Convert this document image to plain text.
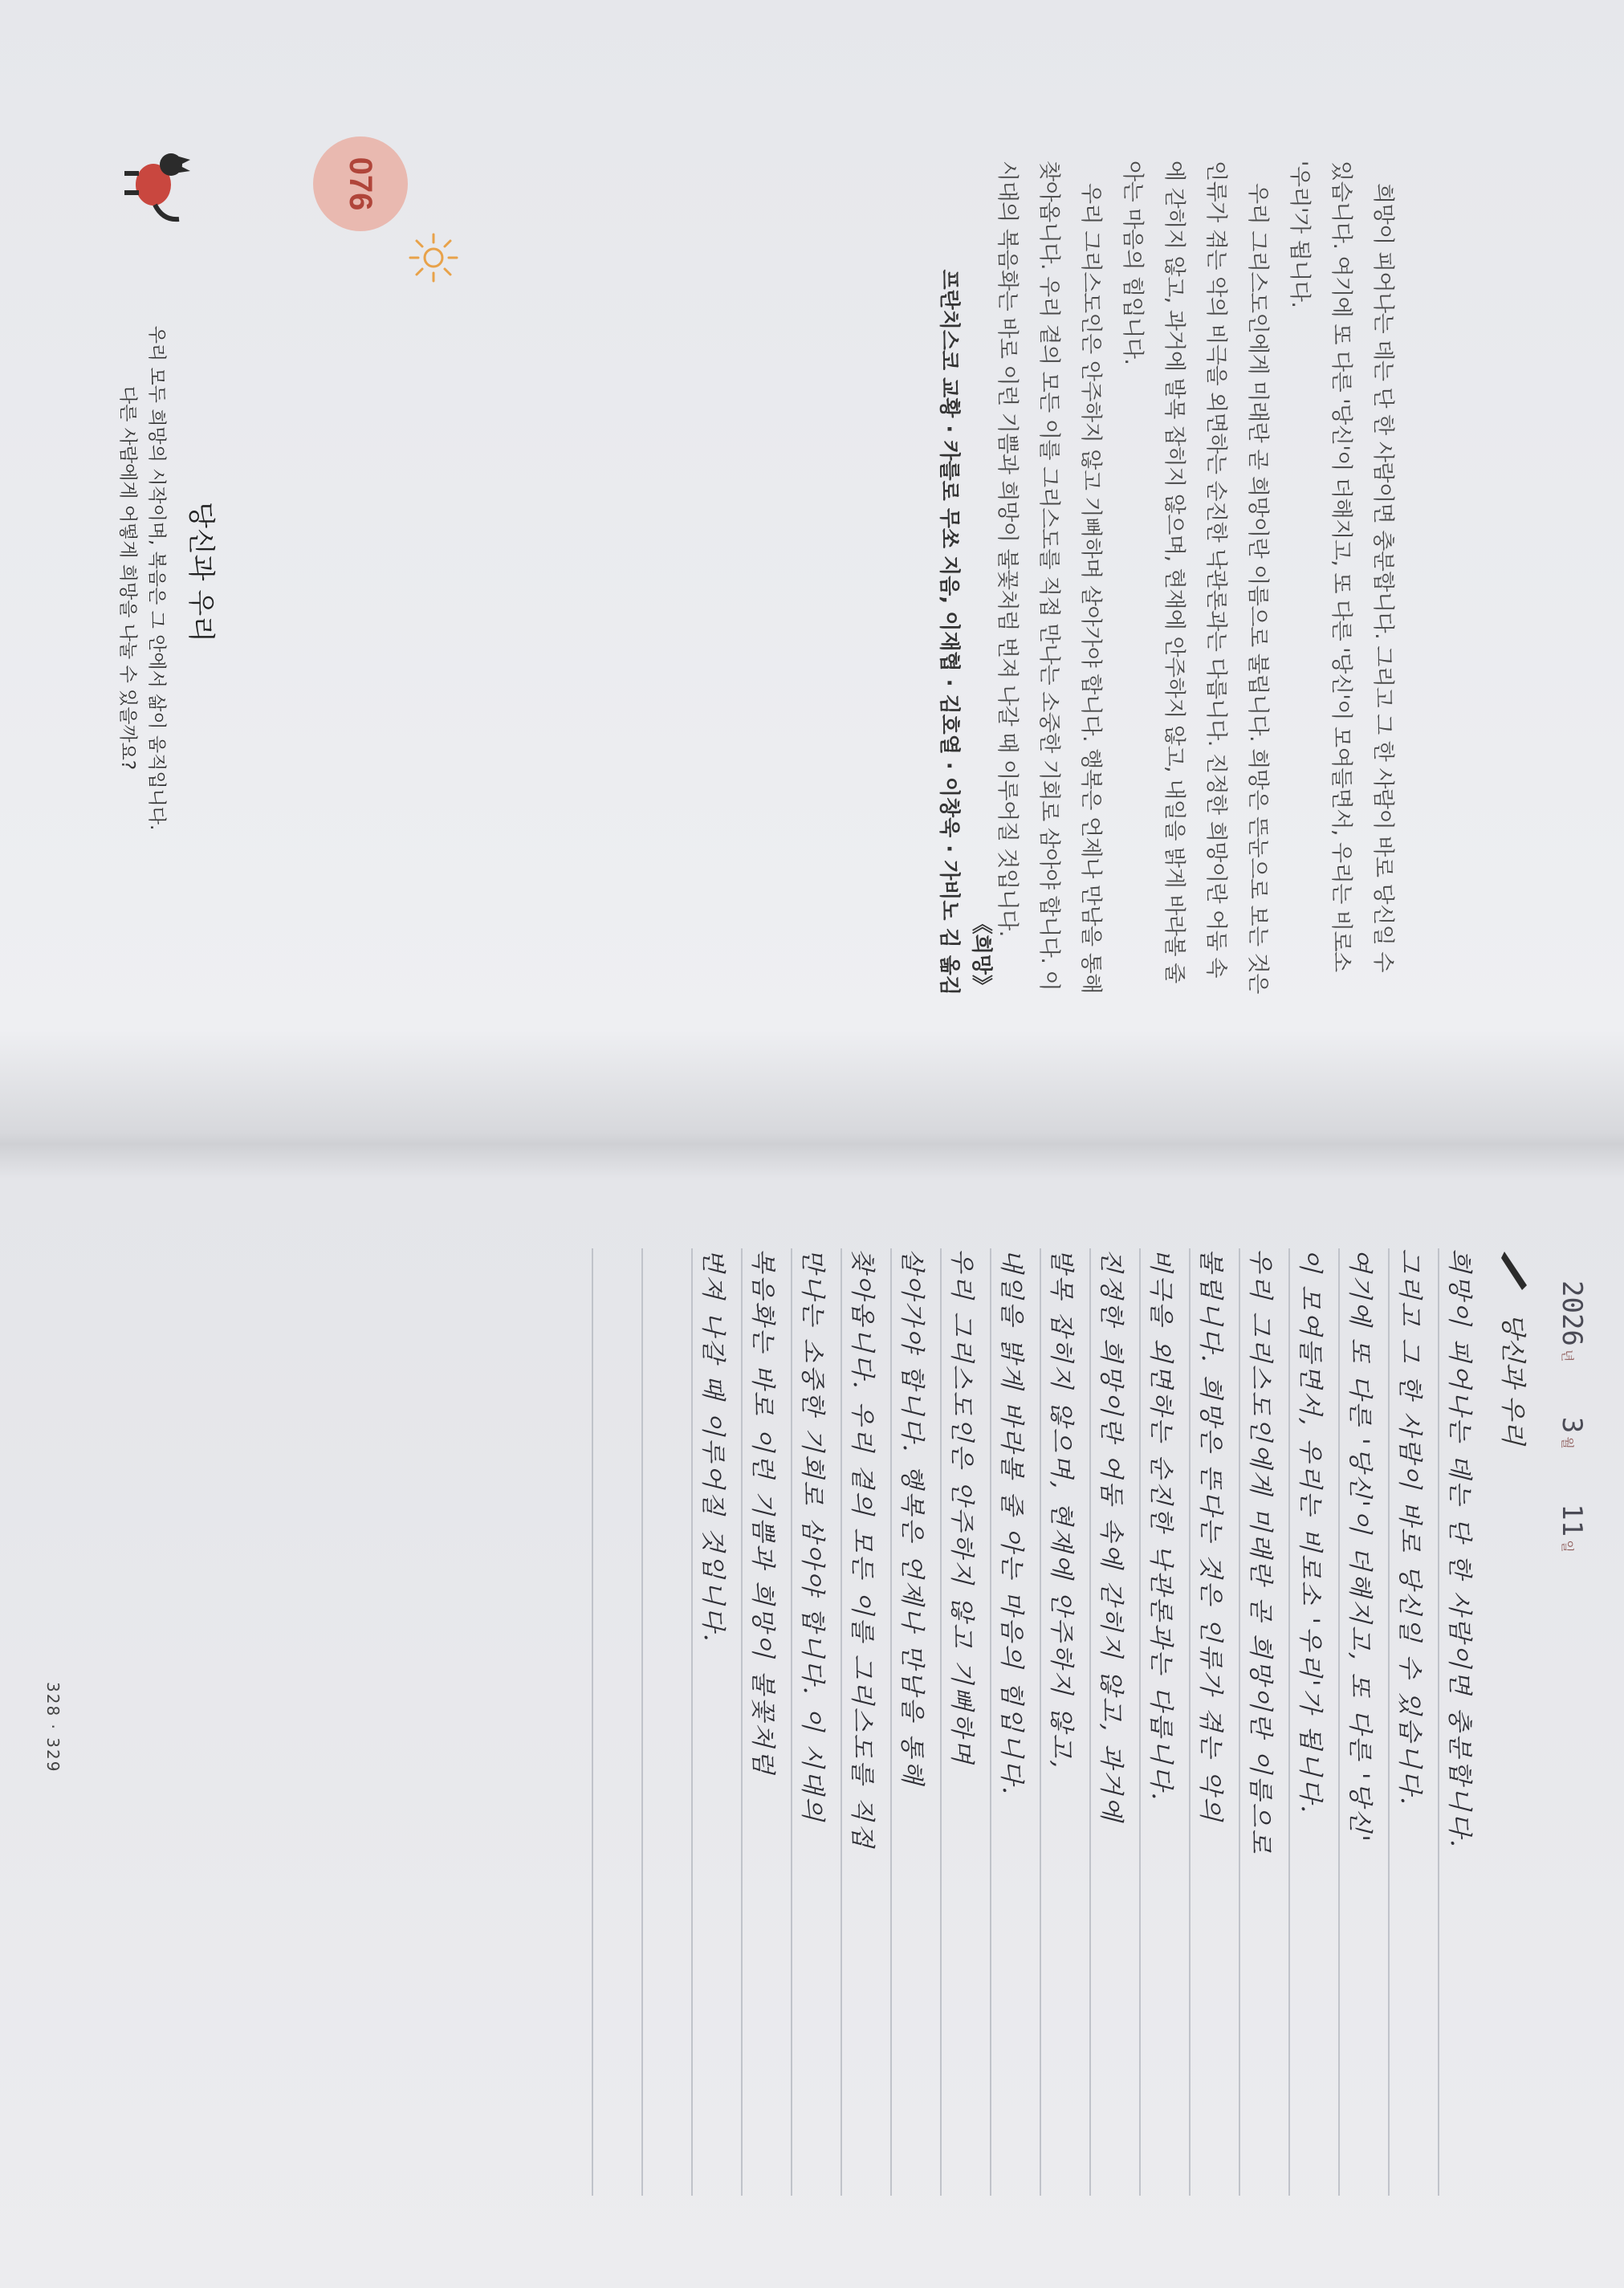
076
당신과 우리	희망이 피어나는 데는 단 한 사람이면 충분합니다. 그리고 그 한 사람이 바로 당신일 수 있습니다. 여기에 또 다른 '당신'이 더해지고, 또 다른 '당신'이 모여들면서, 우리는 비로소 '우리'가 됩니다.

우리 그리스도인에게 미래란 곧 희망이란 이름으로 불립니다. 희망은 뜬눈으로 보는 것은 인류가 겪는 악의 비극을 외면하는 순진한 낙관론과는 다릅니다. 진정한 희망이란 어둠 속에 갇히지 않고, 과거에 발목 잡히지 않으며, 현재에 안주하지 않고, 내일을 밝게 바라볼 줄 아는 마음의 힘입니다.

우리 그리스도인은 안주하지 않고 기뻐하며 살아가야 합니다. 행복은 언제나 만남을 통해 찾아옵니다. 우리 곁의 모든 이를 그리스도를 직접 만나는 소중한 기회로 삼아야 합니다. 이 시대의 복음화는 바로 이런 기쁨과 희망이 불꽃처럼 번져 나갈 때 이루어질 것입니다.

《희망》
프란치스코 교황 · 카를로 무쏘 지음, 이재협 · 김호열 · 이창욱 · 가비노 김 옮김
우리 모두 희망의 시작이며, 복음은 그 안에서 삶이 움직입니다.
다른 사람에게 어떻게 희망을 나눌 수 있을까요?
2026년 3월 11일
당신과 우리
희망이 피어나는 데는 단 한 사람이면 충분합니다.
그리고 그 한 사람이 바로 당신일 수 있습니다.
여기에 또 다른 '당신'이 더해지고, 또 다른 '당신'
이 모여들면서, 우리는 비로소 '우리'가 됩니다.
우리 그리스도인에게 미래란 곧 희망이란 이름으로
불립니다. 희망은 뜬다는 것은 인류가 겪는 악의
비극을 외면하는 순진한 낙관론과는 다릅니다.
진정한 희망이란 어둠 속에 갇히지 않고, 과거에
발목 잡히지 않으며, 현재에 안주하지 않고,
내일을 밝게 바라볼 줄 아는 마음의 힘입니다.
우리 그리스도인은 안주하지 않고 기뻐하며
살아가야 합니다. 행복은 언제나 만남을 통해
찾아옵니다. 우리 곁의 모든 이를 그리스도를 직접
만나는 소중한 기회로 삼아야 합니다. 이 시대의
복음화는 바로 이런 기쁨과 희망이 불꽃처럼
번져 나갈 때 이루어질 것입니다.
328 · 329
